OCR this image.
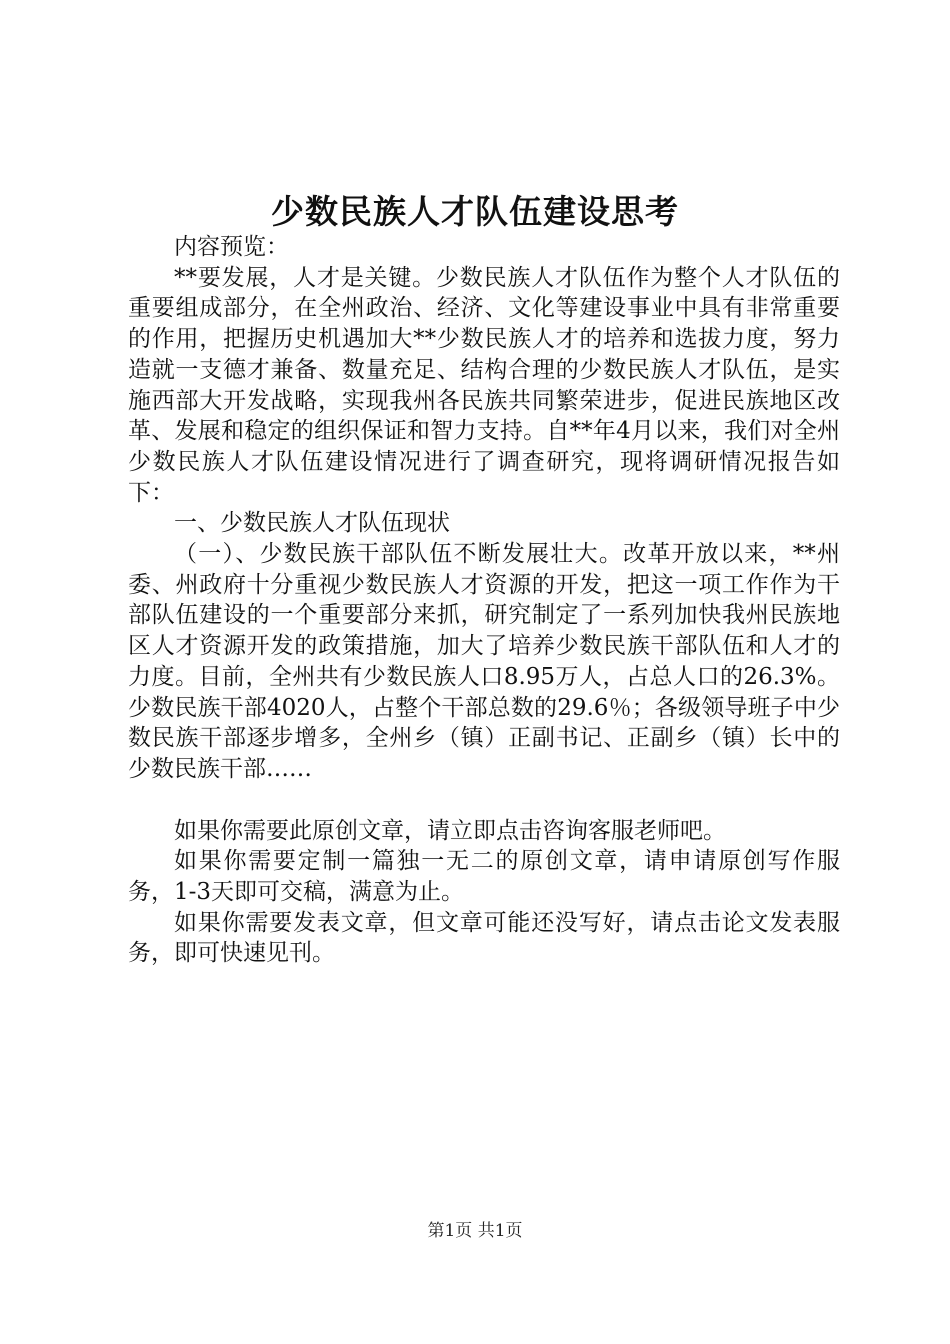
少数民族人才队伍建设思考

内容预览：

**要发展，人才是关键。少数民族人才队伍作为整个人才队伍的重要组成部分，在全州政治、经济、文化等建设事业中具有非常重要的作用，把握历史机遇加大**少数民族人才的培养和选拔力度，努力造就一支德才兼备、数量充足、结构合理的少数民族人才队伍，是实施西部大开发战略，实现我州各民族共同繁荣进步，促进民族地区改革、发展和稳定的组织保证和智力支持。自**年4月以来，我们对全州少数民族人才队伍建设情况进行了调查研究，现将调研情况报告如下：

一、少数民族人才队伍现状

（一）、少数民族干部队伍不断发展壮大。改革开放以来，**州委、州政府十分重视少数民族人才资源的开发，把这一项工作作为干部队伍建设的一个重要部分来抓，研究制定了一系列加快我州民族地区人才资源开发的政策措施，加大了培养少数民族干部队伍和人才的力度。目前，全州共有少数民族人口8.95万人，占总人口的26.3%。少数民族干部4020人，占整个干部总数的29.6％；各级领导班子中少数民族干部逐步增多，全州乡（镇）正副书记、正副乡（镇）长中的少数民族干部……

如果你需要此原创文章，请立即点击咨询客服老师吧。

如果你需要定制一篇独一无二的原创文章，请申请原创写作服务，1-3天即可交稿，满意为止。

如果你需要发表文章，但文章可能还没写好，请点击论文发表服务，即可快速见刊。

第1页 共1页
